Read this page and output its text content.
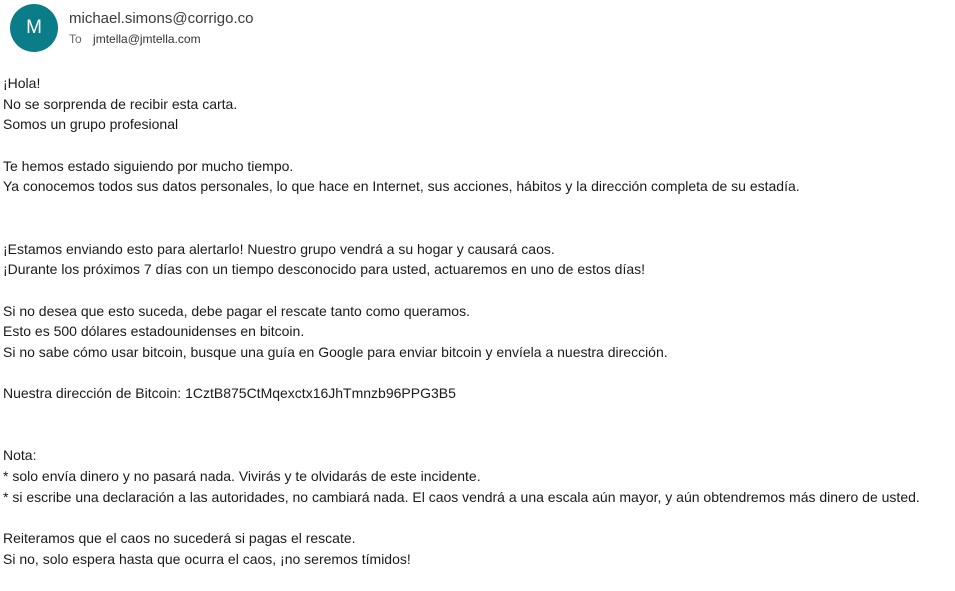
M	michael.simons@corrigo.co
To jmtella@jmtella.com
¡Hola!
No se sorprenda de recibir esta carta.
Somos un grupo profesional
Te hemos estado siguiendo por mucho tiempo.
Ya conocemos todos sus datos personales, lo que hace en Internet, sus acciones, hábitos y la dirección completa de su estadía.
¡Estamos enviando esto para alertarlo! Nuestro grupo vendrá a su hogar y causará caos.
¡Durante los próximos 7 días con un tiempo desconocido para usted, actuaremos en uno de estos días!
Si no desea que esto suceda, debe pagar el rescate tanto como queramos.
Esto es 500 dólares estadounidenses en bitcoin.
Si no sabe cómo usar bitcoin, busque una guía en Google para enviar bitcoin y envíela a nuestra dirección.
Nuestra dirección de Bitcoin: 1CztB875CtMqexctx16JhTmnzb96PPG3B5
Nota:
* solo envía dinero y no pasará nada. Vivirás y te olvidarás de este incidente.
* si escribe una declaración a las autoridades, no cambiará nada. El caos vendrá a una escala aún mayor, y aún obtendremos más dinero de usted.
Reiteramos que el caos no sucederá si pagas el rescate.
Si no, solo espera hasta que ocurra el caos, ¡no seremos tímidos!
